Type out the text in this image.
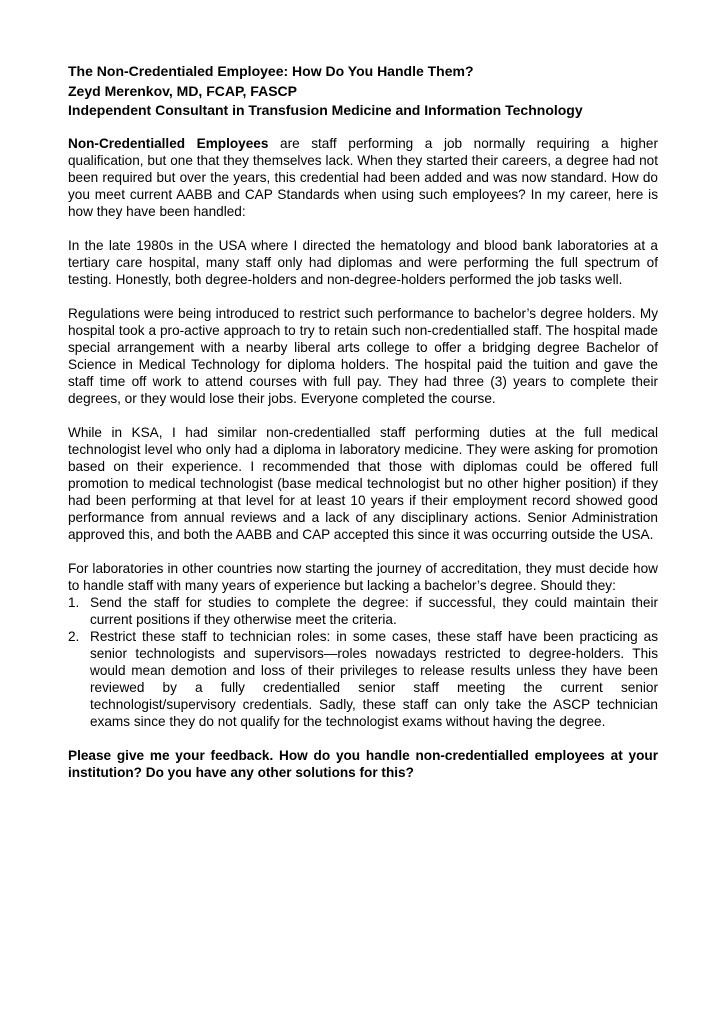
The Non-Credentialed Employee: How Do You Handle Them?
Zeyd Merenkov, MD, FCAP, FASCP
Independent Consultant in Transfusion Medicine and Information Technology

Non-Credentialled Employees are staff performing a job normally requiring a higher qualification, but one that they themselves lack. When they started their careers, a degree had not been required but over the years, this credential had been added and was now standard. How do you meet current AABB and CAP Standards when using such employees? In my career, here is how they have been handled:

In the late 1980s in the USA where I directed the hematology and blood bank laboratories at a tertiary care hospital, many staff only had diplomas and were performing the full spectrum of testing. Honestly, both degree-holders and non-degree-holders performed the job tasks well.

Regulations were being introduced to restrict such performance to bachelor’s degree holders. My hospital took a pro-active approach to try to retain such non-credentialled staff. The hospital made special arrangement with a nearby liberal arts college to offer a bridging degree Bachelor of Science in Medical Technology for diploma holders. The hospital paid the tuition and gave the staff time off work to attend courses with full pay. They had three (3) years to complete their degrees, or they would lose their jobs. Everyone completed the course.

While in KSA, I had similar non-credentialled staff performing duties at the full medical technologist level who only had a diploma in laboratory medicine. They were asking for promotion based on their experience. I recommended that those with diplomas could be offered full promotion to medical technologist (base medical technologist but no other higher position) if they had been performing at that level for at least 10 years if their employment record showed good performance from annual reviews and a lack of any disciplinary actions. Senior Administration approved this, and both the AABB and CAP accepted this since it was occurring outside the USA.

For laboratories in other countries now starting the journey of accreditation, they must decide how to handle staff with many years of experience but lacking a bachelor’s degree. Should they:

1. Send the staff for studies to complete the degree: if successful, they could maintain their current positions if they otherwise meet the criteria.
2. Restrict these staff to technician roles: in some cases, these staff have been practicing as senior technologists and supervisors—roles nowadays restricted to degree-holders. This would mean demotion and loss of their privileges to release results unless they have been reviewed by a fully credentialled senior staff meeting the current senior technologist/supervisory credentials. Sadly, these staff can only take the ASCP technician exams since they do not qualify for the technologist exams without having the degree.

Please give me your feedback. How do you handle non-credentialled employees at your institution? Do you have any other solutions for this?
